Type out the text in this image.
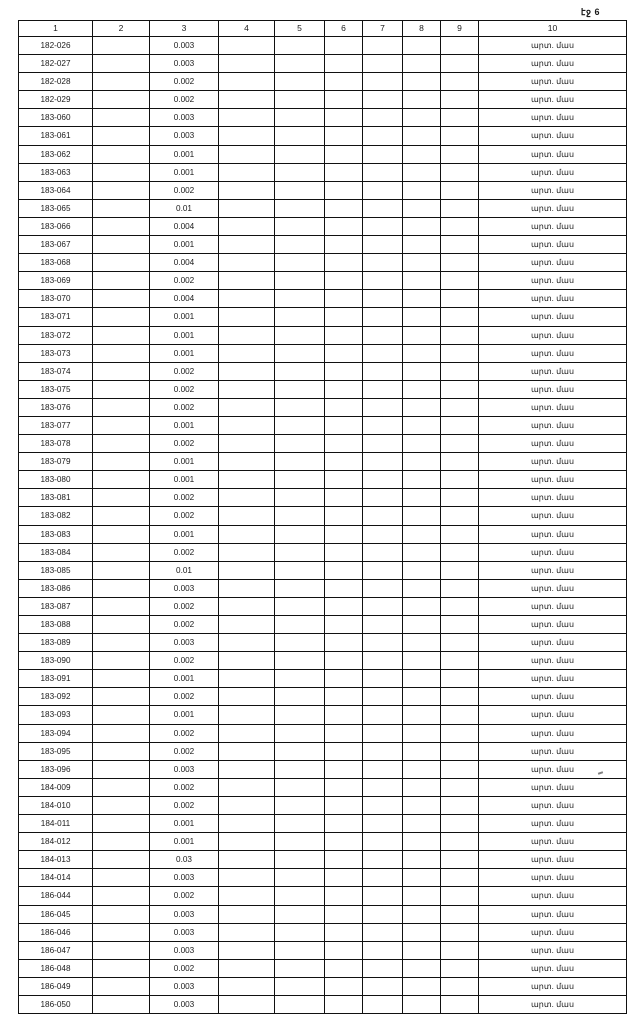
էջ 6
1	2	3	4	5	6	7	8	9	10
182-026		0.003							արտ. մաս
182-027		0.003							արտ. մաս
182-028		0.002							արտ. մաս
182-029		0.002							արտ. մաս
183-060		0.003							արտ. մաս
183-061		0.003							արտ. մաս
183-062		0.001							արտ. մաս
183-063		0.001							արտ. մաս
183-064		0.002							արտ. մաս
183-065		0.01							արտ. մաս
183-066		0.004							արտ. մաս
183-067		0.001							արտ. մաս
183-068		0.004							արտ. մաս
183-069		0.002							արտ. մաս
183-070		0.004							արտ. մաս
183-071		0.001							արտ. մաս
183-072		0.001							արտ. մաս
183-073		0.001							արտ. մաս
183-074		0.002							արտ. մաս
183-075		0.002							արտ. մաս
183-076		0.002							արտ. մաս
183-077		0.001							արտ. մաս
183-078		0.002							արտ. մաս
183-079		0.001							արտ. մաս
183-080		0.001							արտ. մաս
183-081		0.002							արտ. մաս
183-082		0.002							արտ. մաս
183-083		0.001							արտ. մաս
183-084		0.002							արտ. մաս
183-085		0.01							արտ. մաս
183-086		0.003							արտ. մաս
183-087		0.002							արտ. մաս
183-088		0.002							արտ. մաս
183-089		0.003							արտ. մաս
183-090		0.002							արտ. մաս
183-091		0.001							արտ. մաս
183-092		0.002							արտ. մաս
183-093		0.001							արտ. մաս
183-094		0.002							արտ. մաս
183-095		0.002							արտ. մաս
183-096		0.003							արտ. մաս
184-009		0.002							արտ. մաս
184-010		0.002							արտ. մաս
184-011		0.001							արտ. մաս
184-012		0.001							արտ. մաս
184-013		0.03							արտ. մաս
184-014		0.003							արտ. մաս
186-044		0.002							արտ. մաս
186-045		0.003							արտ. մաս
186-046		0.003							արտ. մաս
186-047		0.003							արտ. մաս
186-048		0.002							արտ. մաս
186-049		0.003							արտ. մաս
186-050		0.003							արտ. մաս
